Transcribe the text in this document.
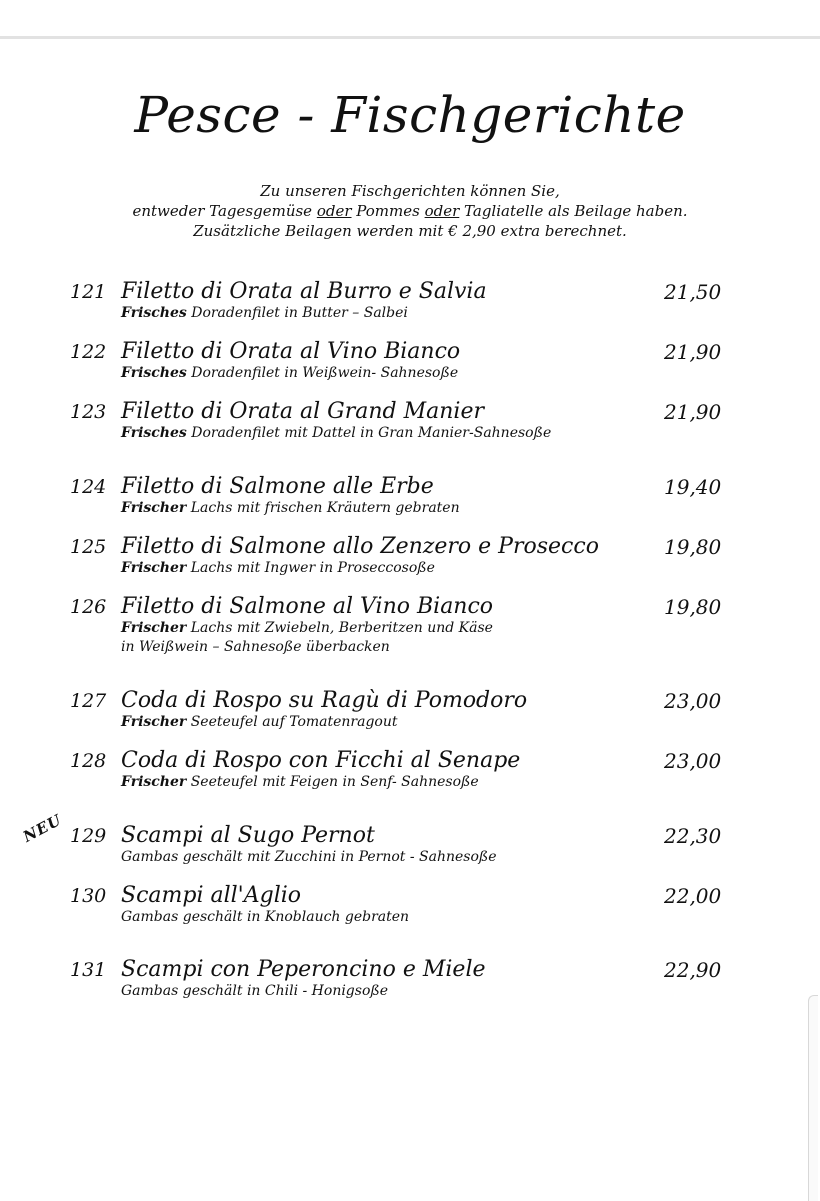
Pesce - Fischgerichte
Zu unseren Fischgerichten können Sie,
entweder Tagesgemüse oder Pommes oder Tagliatelle als Beilage haben.
Zusätzliche Beilagen werden mit € 2,90 extra berechnet.
NEU
121 Filetto di Orata al Burro e Salvia	21,50
Frisches Doradenfilet in Butter – Salbei
122 Filetto di Orata al Vino Bianco	21,90
Frisches Doradenfilet in Weißwein- Sahnesoße
123 Filetto di Orata al Grand Manier	21,90
Frisches Doradenfilet mit Dattel in Gran Manier-Sahnesoße
124 Filetto di Salmone alle Erbe	19,40
Frischer Lachs mit frischen Kräutern gebraten
125 Filetto di Salmone allo Zenzero e Prosecco	19,80
Frischer Lachs mit Ingwer in Proseccosoße
126 Filetto di Salmone al Vino Bianco	19,80
Frischer Lachs mit Zwiebeln, Berberitzen und Käse
in Weißwein – Sahnesoße überbacken
127 Coda di Rospo su Ragù di Pomodoro	23,00
Frischer Seeteufel auf Tomatenragout
128 Coda di Rospo con Ficchi al Senape	23,00
Frischer Seeteufel mit Feigen in Senf- Sahnesoße
129 Scampi al Sugo Pernot	22,30
Gambas geschält mit Zucchini in Pernot - Sahnesoße
130 Scampi all'Aglio	22,00
Gambas geschält in Knoblauch gebraten
131 Scampi con Peperoncino e Miele	22,90
Gambas geschält in Chili - Honigsoße
